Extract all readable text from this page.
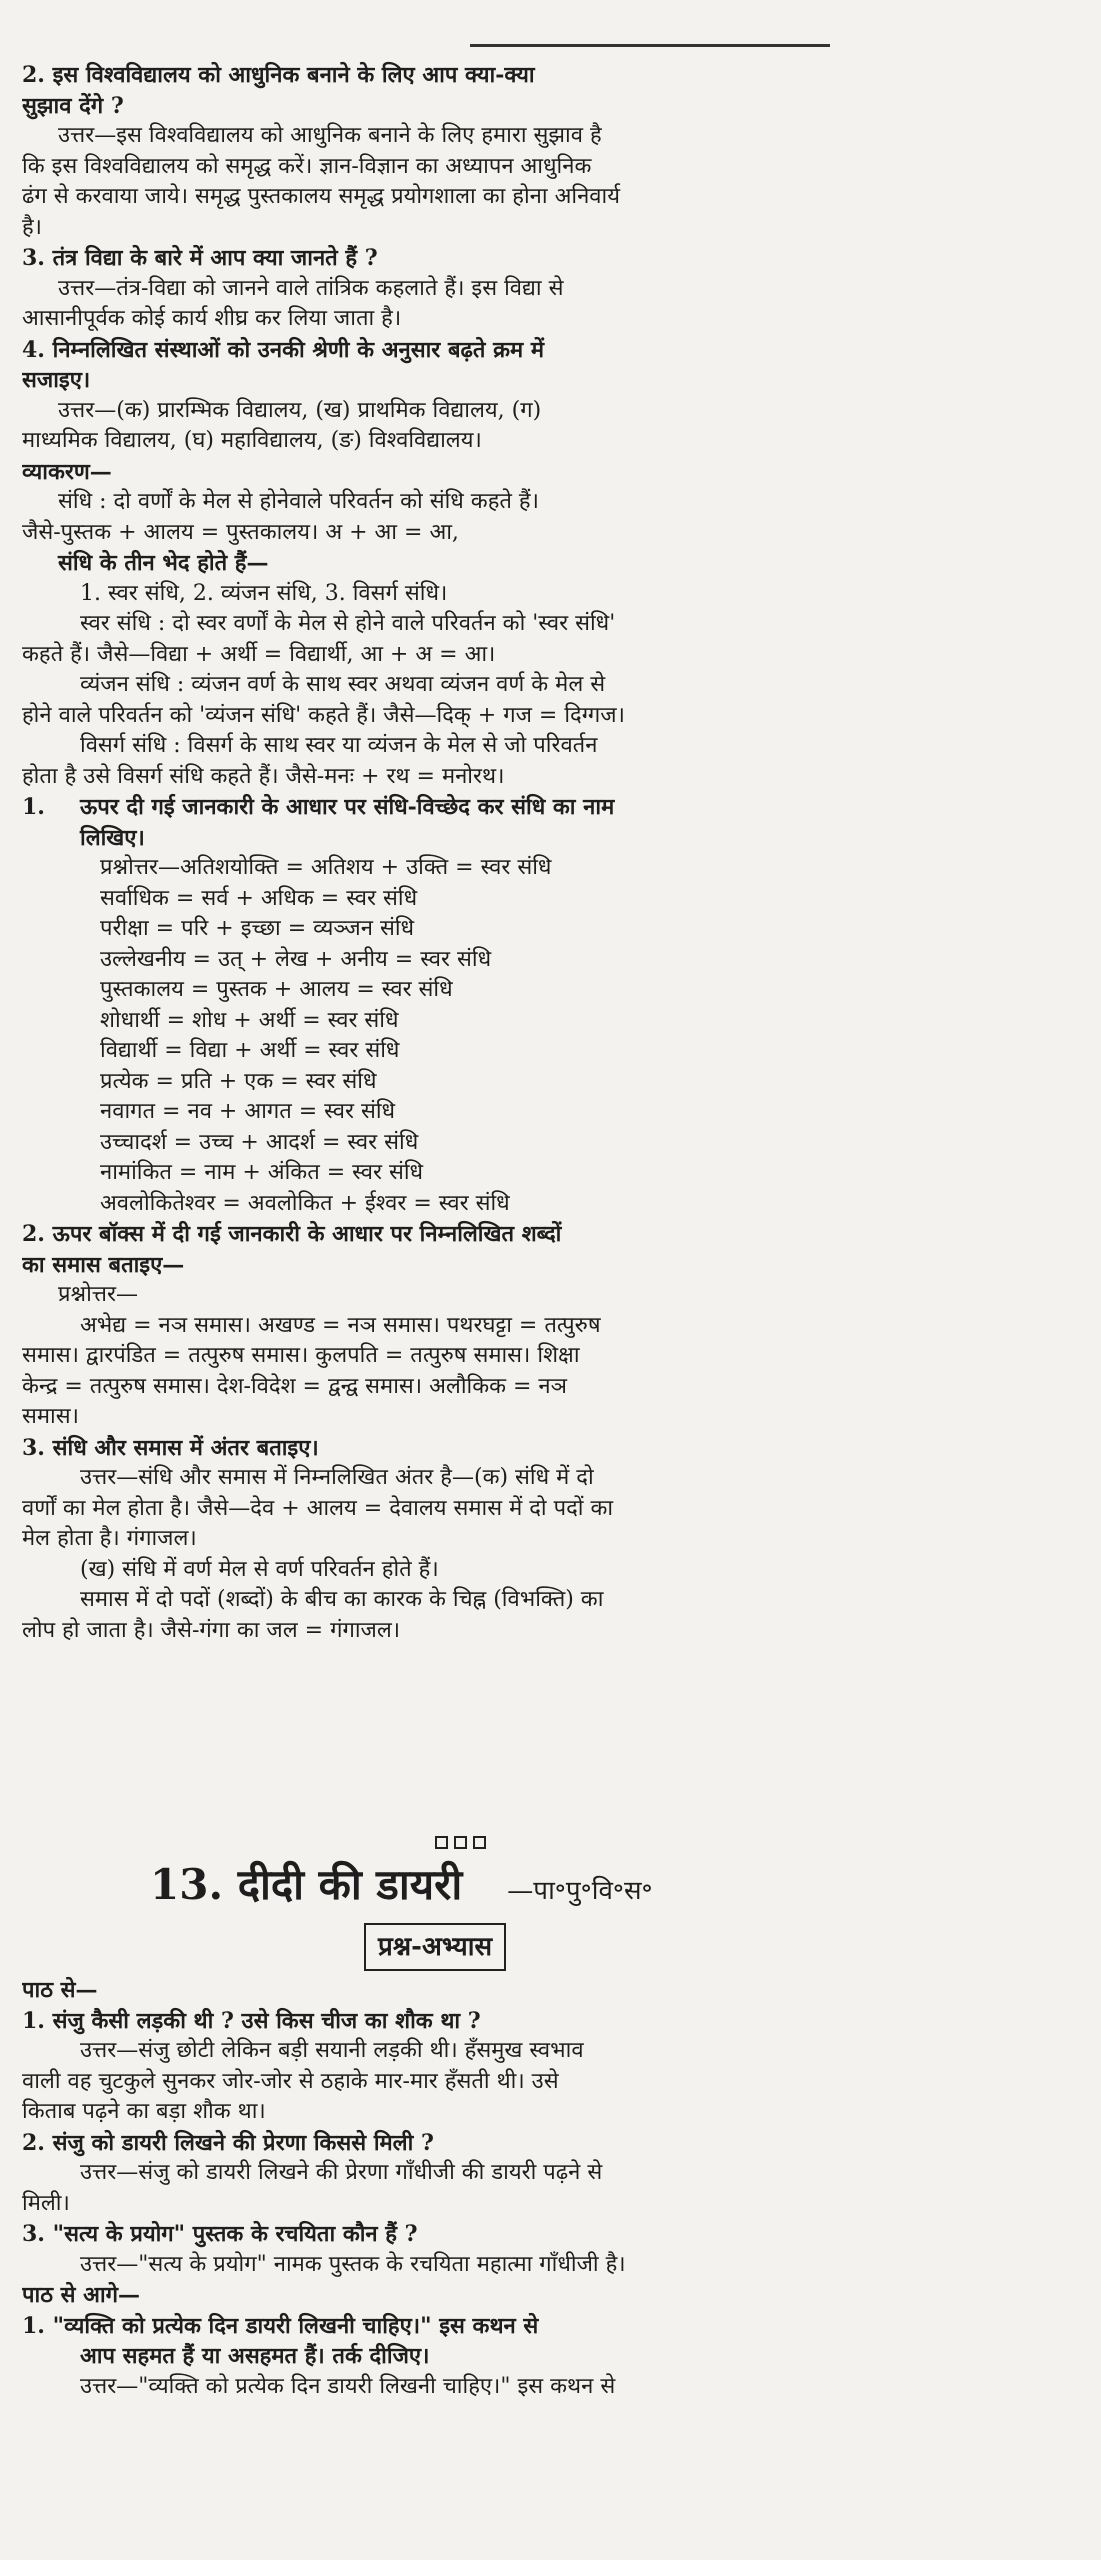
2. इस विश्वविद्यालय को आधुनिक बनाने के लिए आप क्या-क्या
सुझाव देंगे ?
उत्तर—इस विश्वविद्यालय को आधुनिक बनाने के लिए हमारा सुझाव है
कि इस विश्वविद्यालय को समृद्ध करें। ज्ञान-विज्ञान का अध्यापन आधुनिक
ढंग से करवाया जाये। समृद्ध पुस्तकालय समृद्ध प्रयोगशाला का होना अनिवार्य
है।
3. तंत्र विद्या के बारे में आप क्या जानते हैं ?
उत्तर—तंत्र-विद्या को जानने वाले तांत्रिक कहलाते हैं। इस विद्या से
आसानीपूर्वक कोई कार्य शीघ्र कर लिया जाता है।
4. निम्नलिखित संस्थाओं को उनकी श्रेणी के अनुसार बढ़ते क्रम में
सजाइए।
उत्तर—(क) प्रारम्भिक विद्यालय, (ख) प्राथमिक विद्यालय, (ग)
माध्यमिक विद्यालय, (घ) महाविद्यालय, (ङ) विश्वविद्यालय।
व्याकरण—
संधि : दो वर्णों के मेल से होनेवाले परिवर्तन को संधि कहते हैं।
जैसे-पुस्तक + आलय = पुस्तकालय। अ + आ = आ,
संधि के तीन भेद होते हैं—
1. स्वर संधि, 2. व्यंजन संधि, 3. विसर्ग संधि।
स्वर संधि : दो स्वर वर्णों के मेल से होने वाले परिवर्तन को 'स्वर संधि'
कहते हैं। जैसे—विद्या + अर्थी = विद्यार्थी, आ + अ = आ।
व्यंजन संधि : व्यंजन वर्ण के साथ स्वर अथवा व्यंजन वर्ण के मेल से
होने वाले परिवर्तन को 'व्यंजन संधि' कहते हैं। जैसे—दिक् + गज = दिग्गज।
विसर्ग संधि : विसर्ग के साथ स्वर या व्यंजन के मेल से जो परिवर्तन
होता है उसे विसर्ग संधि कहते हैं। जैसे-मनः + रथ = मनोरथ।
1.	ऊपर दी गई जानकारी के आधार पर संधि-विच्छेद कर संधि का नाम
लिखिए।
प्रश्नोत्तर—अतिशयोक्ति = अतिशय + उक्ति = स्वर संधि
सर्वाधिक = सर्व + अधिक = स्वर संधि
परीक्षा = परि + इच्छा = व्यञ्जन संधि
उल्लेखनीय = उत् + लेख + अनीय = स्वर संधि
पुस्तकालय = पुस्तक + आलय = स्वर संधि
शोधार्थी = शोध + अर्थी = स्वर संधि
विद्यार्थी = विद्या + अर्थी = स्वर संधि
प्रत्येक = प्रति + एक = स्वर संधि
नवागत = नव + आगत = स्वर संधि
उच्चादर्श = उच्च + आदर्श = स्वर संधि
नामांकित = नाम + अंकित = स्वर संधि
अवलोकितेश्वर = अवलोकित + ईश्वर = स्वर संधि
2. ऊपर बॉक्स में दी गई जानकारी के आधार पर निम्नलिखित शब्दों
का समास बताइए—
प्रश्नोत्तर—
अभेद्य = नञ समास। अखण्ड = नञ समास। पथरघट्टा = तत्पुरुष
समास। द्वारपंडित = तत्पुरुष समास। कुलपति = तत्पुरुष समास। शिक्षा
केन्द्र = तत्पुरुष समास। देश-विदेश = द्वन्द्व समास। अलौकिक = नञ
समास।
3. संधि और समास में अंतर बताइए।
उत्तर—संधि और समास में निम्नलिखित अंतर है—(क) संधि में दो
वर्णों का मेल होता है। जैसे—देव + आलय = देवालय समास में दो पदों का
मेल होता है। गंगाजल।
(ख) संधि में वर्ण मेल से वर्ण परिवर्तन होते हैं।
समास में दो पदों (शब्दों) के बीच का कारक के चिह्न (विभक्ति) का
लोप हो जाता है। जैसे-गंगा का जल = गंगाजल।
13. दीदी की डायरी —पा॰पु॰वि॰स॰
प्रश्न-अभ्यास
पाठ से—
1. संजु कैसी लड़की थी ? उसे किस चीज का शौक था ?
उत्तर—संजु छोटी लेकिन बड़ी सयानी लड़की थी। हँसमुख स्वभाव
वाली वह चुटकुले सुनकर जोर-जोर से ठहाके मार-मार हँसती थी। उसे
किताब पढ़ने का बड़ा शौक था।
2. संजु को डायरी लिखने की प्रेरणा किससे मिली ?
उत्तर—संजु को डायरी लिखने की प्रेरणा गाँधीजी की डायरी पढ़ने से
मिली।
3. "सत्य के प्रयोग" पुस्तक के रचयिता कौन हैं ?
उत्तर—"सत्य के प्रयोग" नामक पुस्तक के रचयिता महात्मा गाँधीजी है।
पाठ से आगे—
1. "व्यक्ति को प्रत्येक दिन डायरी लिखनी चाहिए।" इस कथन से
आप सहमत हैं या असहमत हैं। तर्क दीजिए।
उत्तर—"व्यक्ति को प्रत्येक दिन डायरी लिखनी चाहिए।" इस कथन से
